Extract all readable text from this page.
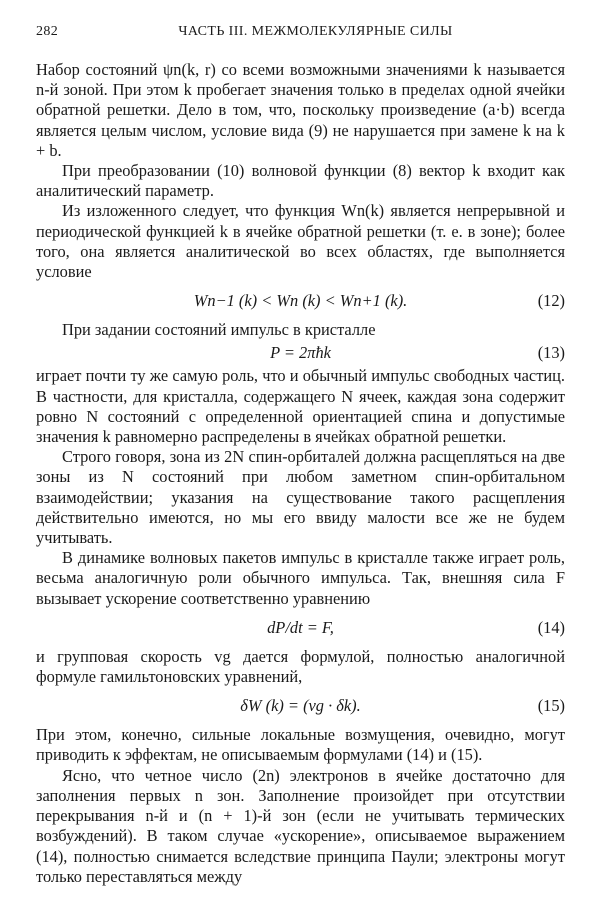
282	ЧАСТЬ III. МЕЖМОЛЕКУЛЯРНЫЕ СИЛЫ

Набор состояний ψn(k, r) со всеми возможными значениями k называется n-й зоной. При этом k пробегает значения только в пределах одной ячейки обратной решетки. Дело в том, что, поскольку произведение (a·b) всегда является целым числом, условие вида (9) не нарушается при замене k на k + b.

При преобразовании (10) волновой функции (8) вектор k входит как аналитический параметр.

Из изложенного следует, что функция Wn(k) является непрерывной и периодической функцией k в ячейке обратной решетки (т. е. в зоне); более того, она является аналитической во всех областях, где выполняется условие

Wn−1 (k) < Wn (k) < Wn+1 (k).	(12)

При задании состояний импульс в кристалле

P = 2πħk	(13)

играет почти ту же самую роль, что и обычный импульс свободных частиц. В частности, для кристалла, содержащего N ячеек, каждая зона содержит ровно N состояний с определенной ориентацией спина и допустимые значения k равномерно распределены в ячейках обратной решетки.

Строго говоря, зона из 2N спин-орбиталей должна расщепляться на две зоны из N состояний при любом заметном спин-орбитальном взаимодействии; указания на существование такого расщепления действительно имеются, но мы его ввиду малости все же не будем учитывать.

В динамике волновых пакетов импульс в кристалле также играет роль, весьма аналогичную роли обычного импульса. Так, внешняя сила F вызывает ускорение соответственно уравнению

dP/dt = F,	(14)

и групповая скорость vg дается формулой, полностью аналогичной формуле гамильтоновских уравнений,

δW (k) = (vg · δk).	(15)

При этом, конечно, сильные локальные возмущения, очевидно, могут приводить к эффектам, не описываемым формулами (14) и (15).

Ясно, что четное число (2n) электронов в ячейке достаточно для заполнения первых n зон. Заполнение произойдет при отсутствии перекрывания n-й и (n + 1)-й зон (если не учитывать термических возбуждений). В таком случае «ускорение», описываемое выражением (14), полностью снимается вследствие принципа Паули; электроны могут только переставляться между
